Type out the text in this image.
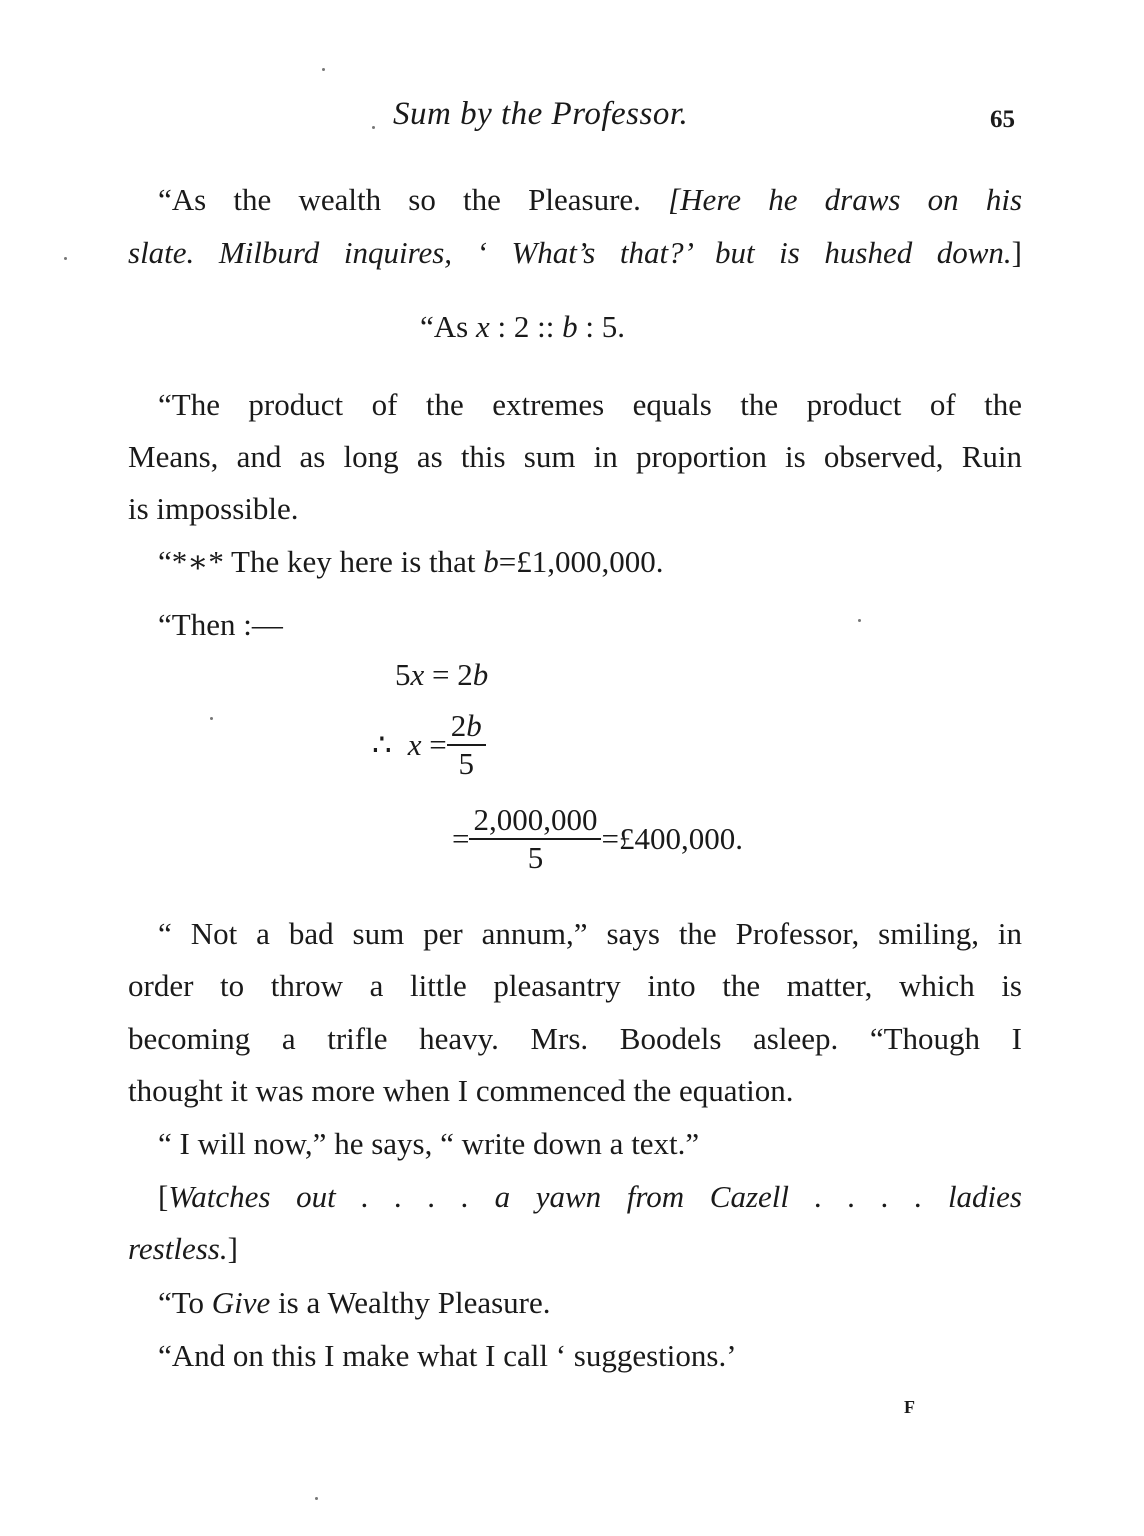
Sum by the Professor.	65
“As the wealth so the Pleasure. [Here he draws on his
slate. Milburd inquires, ‘ What’s that?’ but is hushed down.]
“As x : 2 :: b : 5.
“The product of the extremes equals the product of the
Means, and as long as this sum in proportion is observed, Ruin
is impossible.
“*∗* The key here is that b=£1,000,000.
“Then :—
5x = 2b
∴ $x = \frac{2b}{5}$
= $\frac{2,000,000}{5}$ =£400,000.
“ Not a bad sum per annum,” says the Professor, smiling, in
order to throw a little pleasantry into the matter, which is
becoming a trifle heavy. Mrs. Boodels asleep. “Though I
thought it was more when I commenced the equation.
“ I will now,” he says, “ write down a text.”
[Watches out . . . . a yawn from Cazell . . . . ladies
restless.]
“To Give is a Wealthy Pleasure.
“And on this I make what I call ‘ suggestions.’
F
